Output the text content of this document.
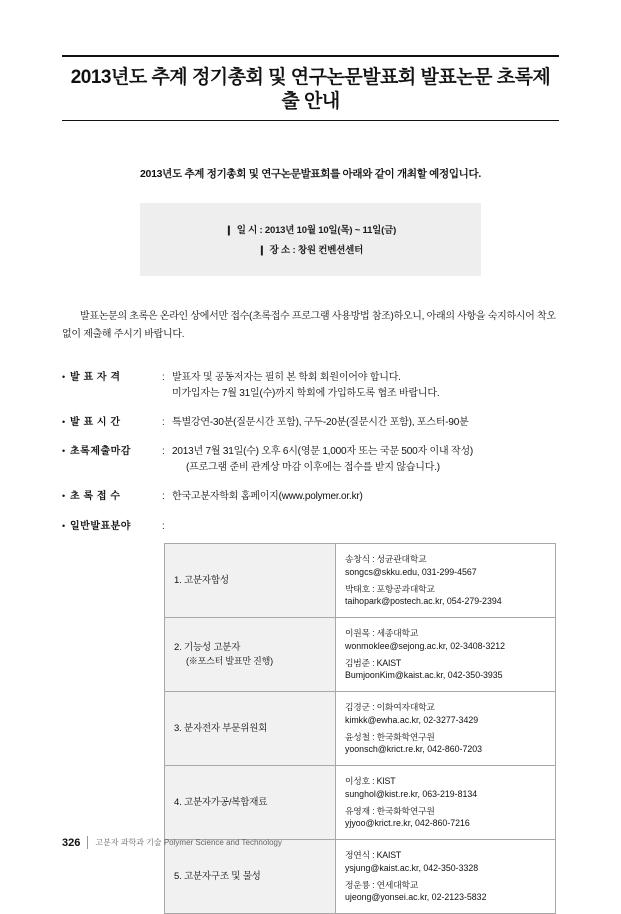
2013년도 추계 정기총회 및 연구논문발표회 발표논문 초록제출 안내
2013년도 추계 정기총회 및 연구논문발표회를 아래와 같이 개최할 예정입니다.
❙ 일 시 : 2013년 10월 10일(목) ~ 11일(금)
❙ 장 소 : 창원 컨벤션센터
발표논문의 초록은 온라인 상에서만 접수(초록접수 프로그램 사용방법 참조)하오니, 아래의 사항을 숙지하시어 착오 없이 제출해 주시기 바랍니다.
• 발 표 자 격	: 발표자 및 공동저자는 필히 본 학회 회원이어야 합니다.
미가입자는 7월 31일(수)까지 학회에 가입하도록 협조 바랍니다.
• 발 표 시 간	: 특별강연-30분(질문시간 포함), 구두-20분(질문시간 포함), 포스터-90분
• 초록제출마감	: 2013년 7월 31일(수) 오후 6시(영문 1,000자 또는 국문 500자 이내 작성)
(프로그램 준비 관계상 마감 이후에는 접수를 받지 않습니다.)
• 초 록 접 수	: 한국고분자학회 홈페이지(www.polymer.or.kr)
• 일반발표분야	:
1. 고분자합성	송창식 : 성균관대학교
songcs@skku.edu, 031-299-4567
박태호 : 포항공과대학교
taihopark@postech.ac.kr, 054-279-2394

2. 기능성 고분자
(※포스터 발표만 진행)

이원목 : 세종대학교
wonmoklee@sejong.ac.kr, 02-3408-3212
김범준 : KAIST
BumjoonKim@kaist.ac.kr, 042-350-3935

3. 분자전자 부문위원회	김경군 : 이화여자대학교
kimkk@ewha.ac.kr, 02-3277-3429
윤성철 : 한국화학연구원
yoonsch@krict.re.kr, 042-860-7203

4. 고분자가공/복합재료	이성호 : KIST
sunghol@kist.re.kr, 063-219-8134
유영재 : 한국화학연구원
yjyoo@krict.re.kr, 042-860-7216

5. 고분자구조 및 물성	정연식 : KAIST
ysjung@kaist.ac.kr, 042-350-3328
정운룡 : 연세대학교
ujeong@yonsei.ac.kr, 02-2123-5832
326 고분자 과학과 기술 Polymer Science and Technology
